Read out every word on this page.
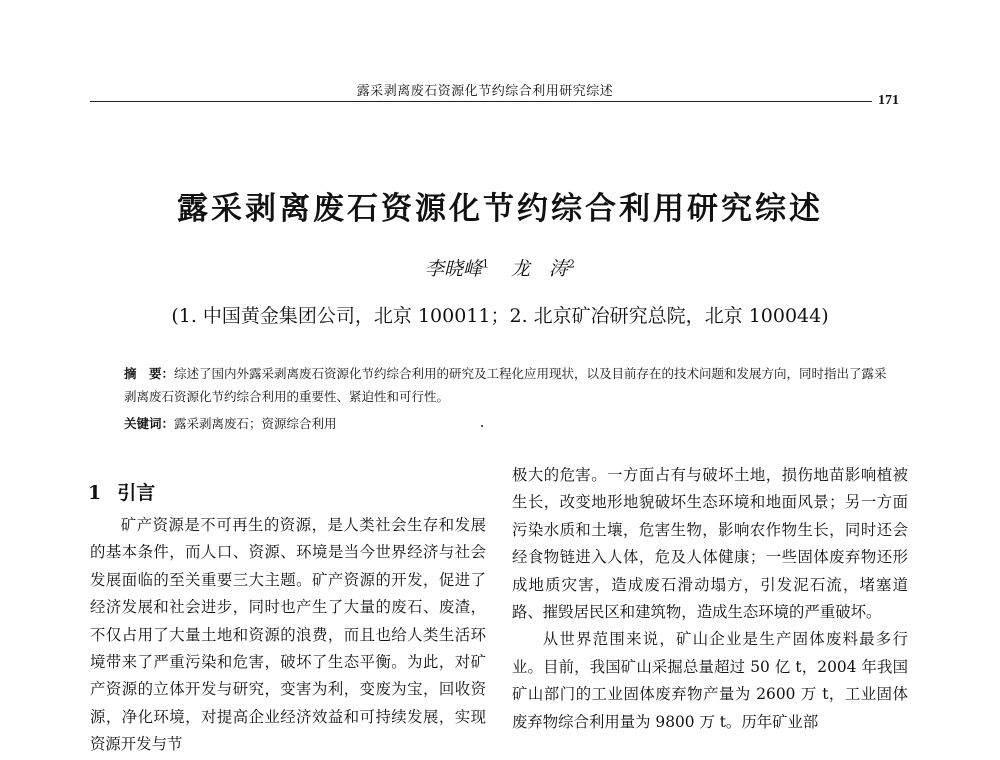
露采剥离废石资源化节约综合利用研究综述
171
露采剥离废石资源化节约综合利用研究综述
李晓峰$^1$ 龙　涛$^2$
(1. 中国黄金集团公司，北京 100011；2. 北京矿冶研究总院，北京 100044)
摘　要：综述了国内外露采剥离废石资源化节约综合利用的研究及工程化应用现状，以及目前存在的技术问题和发展方向，同时指出了露采剥离废石资源化节约综合利用的重要性、紧迫性和可行性。
关键词：露采剥离废石；资源综合利用
1 引言

矿产资源是不可再生的资源，是人类社会生存和发展的基本条件，而人口、资源、环境是当今世界经济与社会发展面临的至关重要三大主题。矿产资源的开发，促进了经济发展和社会进步，同时也产生了大量的废石、废渣，不仅占用了大量土地和资源的浪费，而且也给人类生活环境带来了严重污染和危害，破坏了生态平衡。为此，对矿产资源的立体开发与研究，变害为利，变废为宝，回收资源，净化环境，对提高企业经济效益和可持续发展，实现资源开发与节

极大的危害。一方面占有与破坏土地，损伤地苗影响植被生长，改变地形地貌破坏生态环境和地面风景；另一方面污染水质和土壤，危害生物，影响农作物生长，同时还会经食物链进入人体，危及人体健康；一些固体废弃物还形成地质灾害，造成废石滑动塌方，引发泥石流，堵塞道路、摧毁居民区和建筑物，造成生态环境的严重破坏。

从世界范围来说，矿山企业是生产固体废料最多行业。目前，我国矿山采掘总量超过 50 亿 t，2004 年我国矿山部门的工业固体废弃物产量为 2600 万 t，工业固体废弃物综合利用量为 9800 万 t。历年矿业部
